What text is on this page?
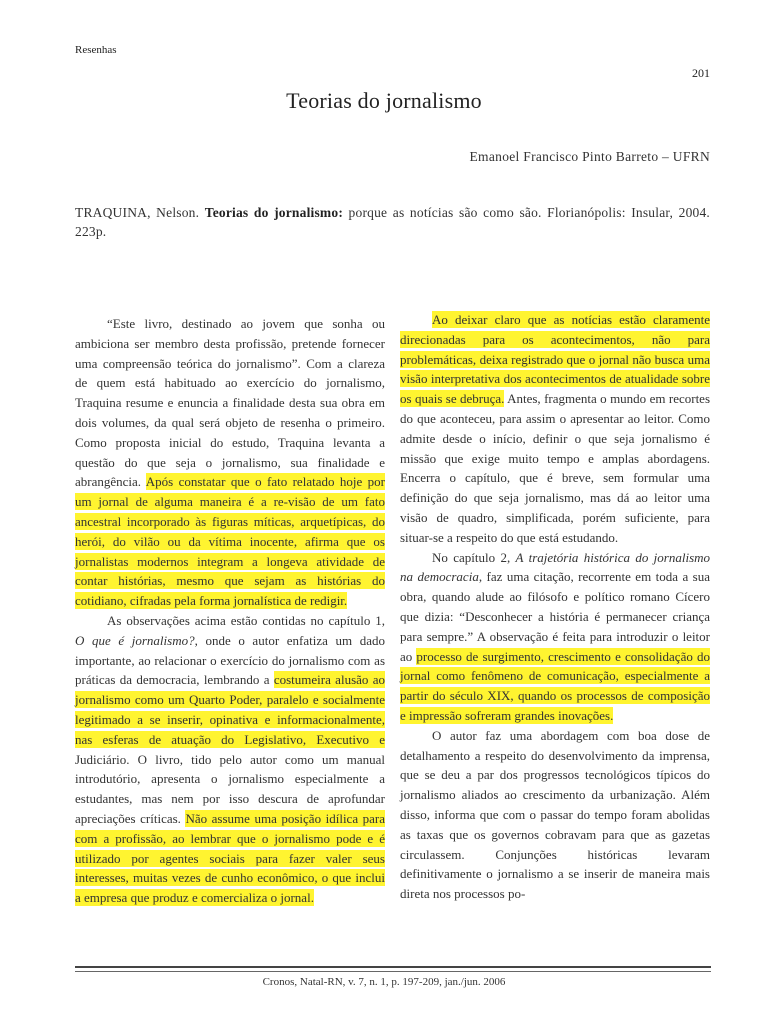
Resenhas
201
Teorias do jornalismo
Emanoel Francisco Pinto Barreto – UFRN
TRAQUINA, Nelson. Teorias do jornalismo: porque as notícias são como são. Florianópolis: Insular, 2004. 223p.

“Este livro, destinado ao jovem que sonha ou ambiciona ser membro desta profissão, pretende fornecer uma compreensão teórica do jornalismo”. Com a clareza de quem está habituado ao exercício do jornalismo, Traquina resume e enuncia a finalidade desta sua obra em dois volumes, da qual será objeto de resenha o primeiro. Como proposta inicial do estudo, Traquina levanta a questão do que seja o jornalismo, sua finalidade e abrangência. Após constatar que o fato relatado hoje por um jornal de alguma maneira é a re-visão de um fato ancestral incorporado às figuras míticas, arquetípicas, do herói, do vilão ou da vítima inocente, afirma que os jornalistas modernos integram a longeva atividade de contar histórias, mesmo que sejam as histórias do cotidiano, cifradas pela forma jornalística de redigir.

As observações acima estão contidas no capítulo 1, O que é jornalismo?, onde o autor enfatiza um dado importante, ao relacionar o exercício do jornalismo com as práticas da democracia, lembrando a costumeira alusão ao jornalismo como um Quarto Poder, paralelo e socialmente legitimado a se inserir, opinativa e informacionalmente, nas esferas de atuação do Legislativo, Executivo e Judiciário. O livro, tido pelo autor como um manual introdutório, apresenta o jornalismo especialmente a estudantes, mas nem por isso descura de aprofundar apreciações críticas. Não assume uma posição idílica para com a profissão, ao lembrar que o jornalismo pode e é utilizado por agentes sociais para fazer valer seus interesses, muitas vezes de cunho econômico, o que inclui a empresa que produz e comercializa o jornal.

Ao deixar claro que as notícias estão claramente direcionadas para os acontecimentos, não para problemáticas, deixa registrado que o jornal não busca uma visão interpretativa dos acontecimentos de atualidade sobre os quais se debruça. Antes, fragmenta o mundo em recortes do que aconteceu, para assim o apresentar ao leitor. Como admite desde o início, definir o que seja jornalismo é missão que exige muito tempo e amplas abordagens. Encerra o capítulo, que é breve, sem formular uma definição do que seja jornalismo, mas dá ao leitor uma visão de quadro, simplificada, porém suficiente, para situar-se a respeito do que está estudando.

No capítulo 2, A trajetória histórica do jornalismo na democracia, faz uma citação, recorrente em toda a sua obra, quando alude ao filósofo e político romano Cícero que dizia: “Desconhecer a história é permanecer criança para sempre.” A observação é feita para introduzir o leitor ao processo de surgimento, crescimento e consolidação do jornal como fenômeno de comunicação, especialmente a partir do século XIX, quando os processos de composição e impressão sofreram grandes inovações.

O autor faz uma abordagem com boa dose de detalhamento a respeito do desenvolvimento da imprensa, que se deu a par dos progressos tecnológicos típicos do jornalismo aliados ao crescimento da urbanização. Além disso, informa que com o passar do tempo foram abolidas as taxas que os governos cobravam para que as gazetas circulassem. Conjunções históricas levaram definitivamente o jornalismo a se inserir de maneira mais direta nos processos po-

Cronos, Natal-RN, v. 7, n. 1, p. 197-209, jan./jun. 2006
